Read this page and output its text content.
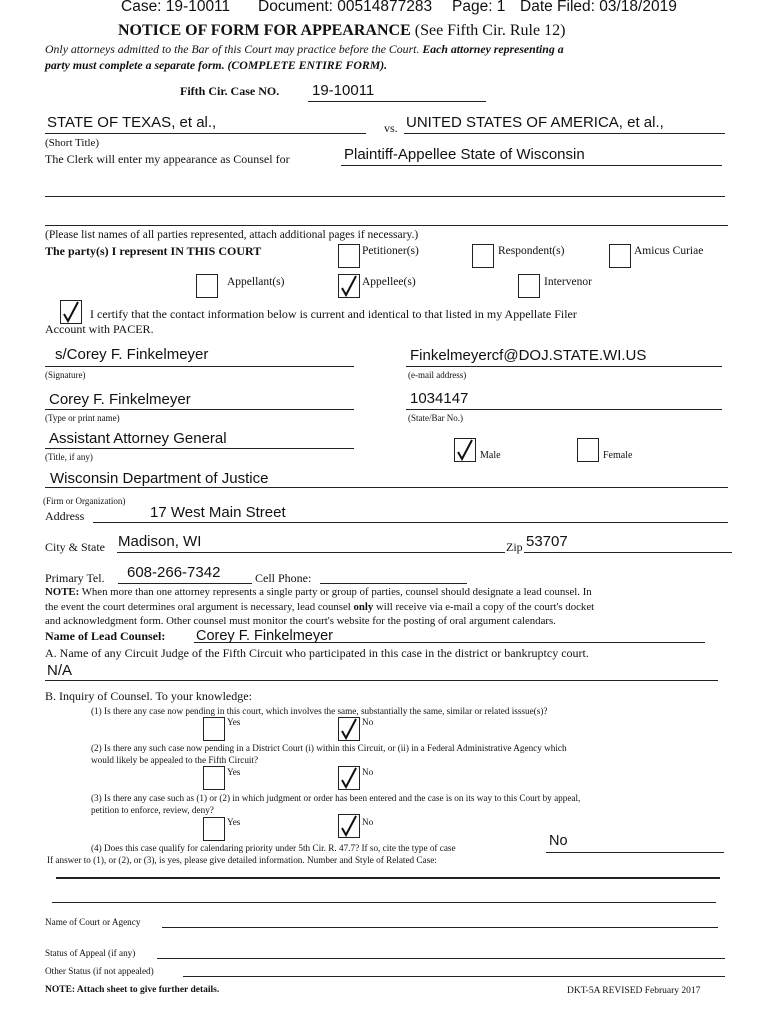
Case: 19-10011 Document: 00514877283 Page: 1 Date Filed: 03/18/2019
NOTICE OF FORM FOR APPEARANCE (See Fifth Cir. Rule 12)
Only attorneys admitted to the Bar of this Court may practice before the Court. Each attorney representing a
party must complete a separate form. (COMPLETE ENTIRE FORM).
Fifth Cir. Case NO. 19-10011
STATE OF TEXAS, et al.,	vs. UNITED STATES OF AMERICA, et al.,
(Short Title)
The Clerk will enter my appearance as Counsel for	Plaintiff-Appellee State of Wisconsin
(Please list names of all parties represented, attach additional pages if necessary.)
The party(s) I represent IN THIS COURT	Petitioner(s)	Respondent(s)	Amicus Curiae
Appellant(s)	Appellee(s)	Intervenor
I certify that the contact information below is current and identical to that listed in my Appellate Filer
Account with PACER.
s/Corey F. Finkelmeyer
(Signature)
Finkelmeyercf@DOJ.STATE.WI.US
(e-mail address)
Corey F. Finkelmeyer
(Type or print name)
1034147
(State/Bar No.)
Assistant Attorney General
(Title, if any)	Male	Female
Wisconsin Department of Justice
(Firm or Organization)
Address	17 West Main Street
City & State Madison, WI	Zip 53707
Primary Tel. 608-266-7342	Cell Phone:
NOTE: When more than one attorney represents a single party or group of parties, counsel should designate a lead counsel. In
the event the court determines oral argument is necessary, lead counsel only will receive via e-mail a copy of the court's docket
and acknowledgment form. Other counsel must monitor the court's website for the posting of oral argument calendars.
Name of Lead Counsel: Corey F. Finkelmeyer
A. Name of any Circuit Judge of the Fifth Circuit who participated in this case in the district or bankruptcy court.
N/A
B. Inquiry of Counsel. To your knowledge:
(1) Is there any case now pending in this court, which involves the same, substantially the same, similar or related isssue(s)?
Yes	No
(2) Is there any such case now pending in a District Court (i) within this Circuit, or (ii) in a Federal Administrative Agency which
would likely be appealed to the Fifth Circuit?
Yes	No
(3) Is there any case such as (1) or (2) in which judgment or order has been entered and the case is on its way to this Court by appeal,
petition to enforce, review, deny?
Yes	No
(4) Does this case qualify for calendaring priority under 5th Cir. R. 47.7? If so, cite the type of case	No
If answer to (1), or (2), or (3), is yes, please give detailed information. Number and Style of Related Case:
Name of Court or Agency
Status of Appeal (if any)
Other Status (if not appealed)
NOTE: Attach sheet to give further details.	DKT-5A REVISED February 2017
